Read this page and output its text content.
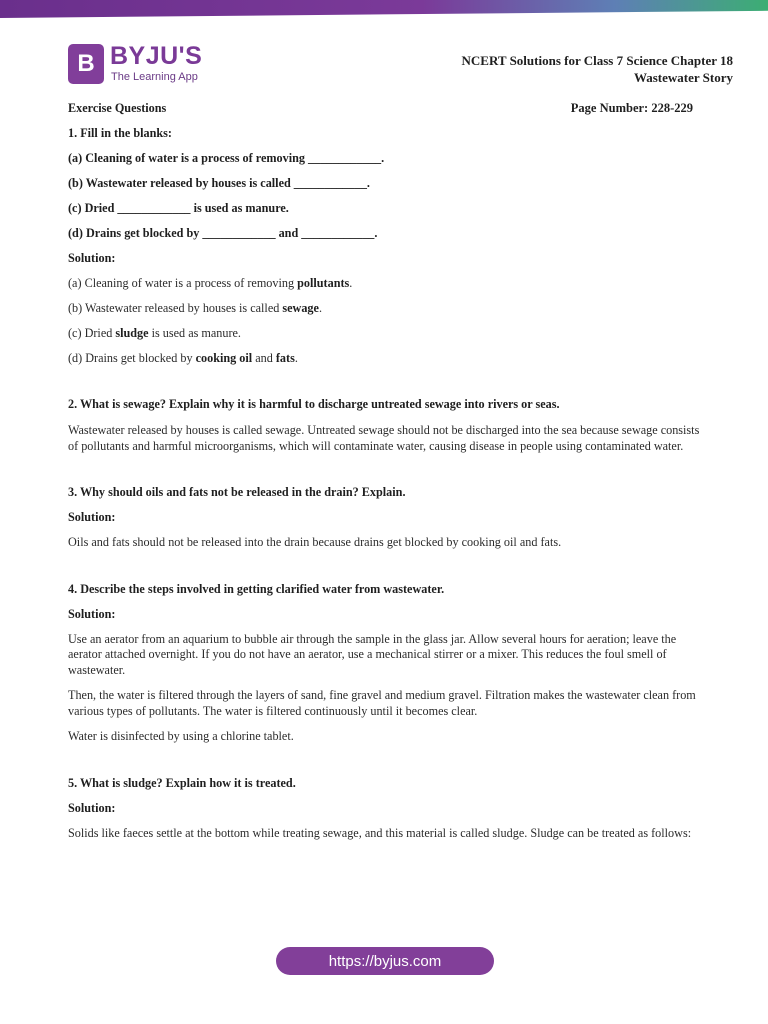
B BYJU'S
The Learning App
NCERT Solutions for Class 7 Science Chapter 18
Wastewater Story
Page Number: 228-229

Exercise Questions

1. Fill in the blanks:

(a) Cleaning of water is a process of removing ____________.

(b) Wastewater released by houses is called ____________.

(c) Dried ____________ is used as manure.

(d) Drains get blocked by ____________ and ____________.

Solution:

(a) Cleaning of water is a process of removing pollutants.

(b) Wastewater released by houses is called sewage.

(c) Dried sludge is used as manure.

(d) Drains get blocked by cooking oil and fats.

2. What is sewage? Explain why it is harmful to discharge untreated sewage into rivers or seas.

Wastewater released by houses is called sewage. Untreated sewage should not be discharged into the sea because sewage consists of pollutants and harmful microorganisms, which will contaminate water, causing disease in people using contaminated water.

3. Why should oils and fats not be released in the drain? Explain.

Solution:

Oils and fats should not be released into the drain because drains get blocked by cooking oil and fats.

4. Describe the steps involved in getting clarified water from wastewater.

Solution:

Use an aerator from an aquarium to bubble air through the sample in the glass jar. Allow several hours for aeration; leave the aerator attached overnight. If you do not have an aerator, use a mechanical stirrer or a mixer. This reduces the foul smell of wastewater.

Then, the water is filtered through the layers of sand, fine gravel and medium gravel. Filtration makes the wastewater clean from various types of pollutants. The water is filtered continuously until it becomes clear.

Water is disinfected by using a chlorine tablet.

5. What is sludge? Explain how it is treated.

Solution:

Solids like faeces settle at the bottom while treating sewage, and this material is called sludge. Sludge can be treated as follows:

https://byjus.com
